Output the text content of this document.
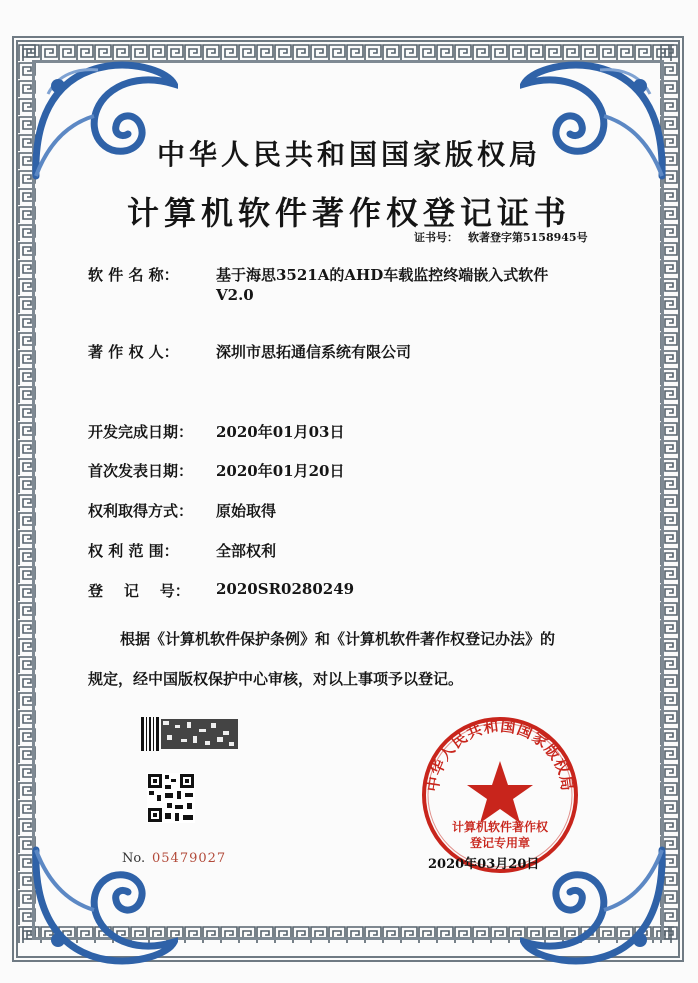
中华人民共和国国家版权局
计算机软件著作权登记证书
证书号： 软著登字第5158945号
软 件 名 称： 基于海思3521A的AHD车载监控终端嵌入式软件
V2.0
著 作 权 人： 深圳市思拓通信系统有限公司
开发完成日期： 2020年01月03日
首次发表日期： 2020年01月20日
权利取得方式： 原始取得
权 利 范 围： 全部权利
登    记    号： 2020SR0280249
根据《计算机软件保护条例》和《计算机软件著作权登记办法》的
规定，经中国版权保护中心审核，对以上事项予以登记。
No. 05479027
中华人民共和国国家版权局
计算机软件著作权
登记专用章
2020年03月20日
